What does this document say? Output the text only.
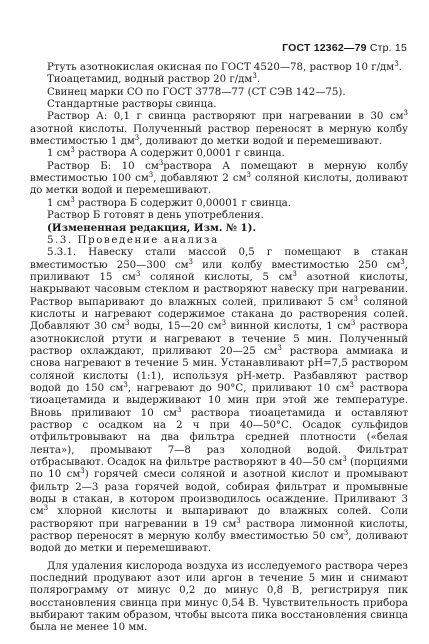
ГОСТ 12362—79 Стр. 15

Ртуть азотнокислая окисная по ГОСТ 4520—78, раствор 10 $г/дм^3$.

Тиоацетамид, водный раствор 20 $г/дм^3$.

Свинец марки СО по ГОСТ 3778—77 (СТ СЭВ 142—75).

Стандартные растворы свинца.

Раствор А: 0,1 г свинца растворяют при нагревании в 30 $см^3$ азотной кислоты. Полученный раствор переносят в мерную колбу вместимостью 1 $дм^3$, доливают до метки водой и перемешивают.

1 $см^3$ раствора А содержит 0,0001 г свинца.

Раствор Б: 10 $см^3раствора$ А помещают в мерную колбу вместимостью 100 $см^3$, добавляют 2 $см^3$ соляной кислоты, доливают до метки водой и перемешивают.

1 $см^3$ раствора Б содержит 0,00001 г свинца.

Раствор Б готовят в день употребления.

(Измененная редакция, Изм. № 1).

5.3. Проведение анализа

5.3.1. Навеску стали массой 0,5 г помещают в стакан вместимостью 250—300 $см^3$ или колбу вместимостью 250 $см^3$, приливают 15 $см^3$ соляной кислоты, 5 $см^3$ азотной кислоты, накрывают часовым стеклом и растворяют навеску при нагревании. Раствор выпаривают до влажных солей, приливают 5 $см^3$ соляной кислоты и нагревают содержимое стакана до растворения солей. Добавляют 30 $см^3$ воды, 15—20 $см^3$ винной кислоты, 1 $см^3$ раствора азотнокислой ртути и нагревают в течение 5 мин. Полученный раствор охлаждают, приливают 20—25 $см^3$ раствора аммиака и снова нагревают в течение 5 мин. Устанавливают pH=7,5 раствором соляной кислоты (1:1), используя pH-метр. Разбавляют раствор водой до 150 $см^3$, нагревают до 90°С, приливают 10 $см^3$ раствора тиоацетамида и выдерживают 10 мин при этой же температуре. Вновь приливают 10 $см^3$ раствора тиоацетамида и оставляют раствор с осадком на 2 ч при 40—50°С. Осадок сульфидов отфильтровывают на два фильтра средней плотности («белая лента»), промывают 7—8 раз холодной водой. Фильтрат отбрасывают. Осадок на фильтре растворяют в 40—50 $см^3$ (порциями по 10 $см^3$) горячей смеси соляной и азотной кислот и промывают фильтр 2—3 раза горячей водой, собирая фильтрат и промывные воды в стакан, в котором производилось осаждение. Приливают 3 $см^3$ хлорной кислоты и выпаривают до влажных солей. Соли растворяют при нагревании в 19 $см^3$ раствора лимонной кислоты, раствор переносят в мерную колбу вместимостью 50 $см^3$, доливают водой до метки и перемешивают.

Для удаления кислорода воздуха из исследуемого раствора через последний продувают азот или аргон в течение 5 мин и снимают полярограмму от минус 0,2 до минус 0,8 В, регистрируя пик восстановления свинца при минус 0,54 В. Чувствительность прибора выбирают таким образом, чтобы высота пика восстановления свинца была не менее 10 мм.
